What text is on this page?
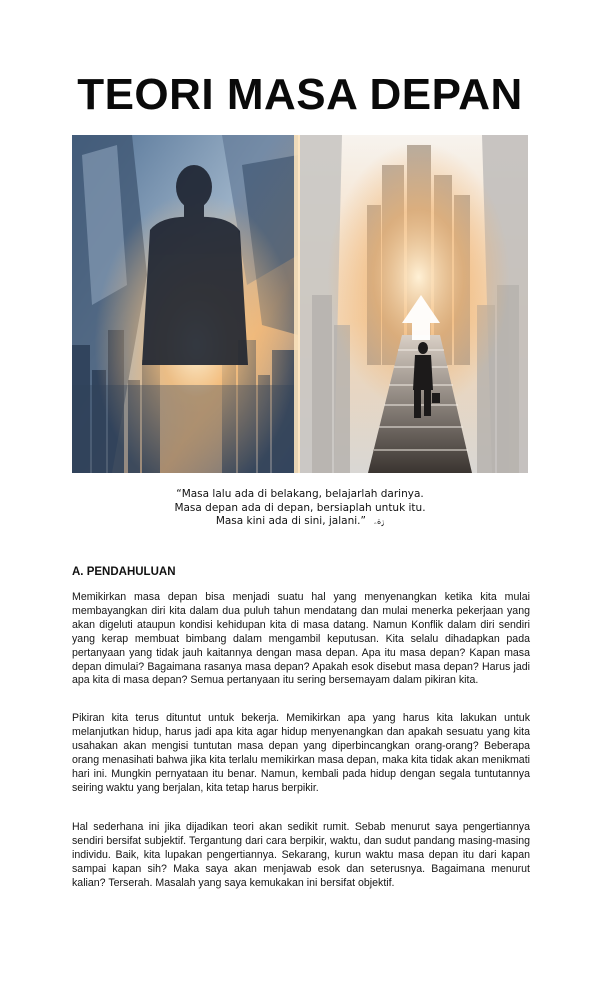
TEORI MASA DEPAN
“Masa lalu ada di belakang, belajarlah darinya.
Masa depan ada di depan, bersiaplah untuk itu.
Masa kini ada di sini, jalani.” ۯةۦ
A. PENDAHULUAN

Memikirkan masa depan bisa menjadi suatu hal yang menyenangkan ketika kita mulai membayangkan diri kita dalam dua puluh tahun mendatang dan mulai menerka pekerjaan yang akan digeluti ataupun kondisi kehidupan kita di masa datang. Namun Konflik dalam diri sendiri yang kerap membuat bimbang dalam mengambil keputusan. Kita selalu dihadapkan pada pertanyaan yang tidak jauh kaitannya dengan masa depan. Apa itu masa depan? Kapan masa depan dimulai? Bagaimana rasanya masa depan? Apakah esok disebut masa depan? Harus jadi apa kita di masa depan? Semua pertanyaan itu sering bersemayam dalam pikiran kita.

Pikiran kita terus dituntut untuk bekerja. Memikirkan apa yang harus kita lakukan untuk melanjutkan hidup, harus jadi apa kita agar hidup menyenangkan dan apakah sesuatu yang kita usahakan akan mengisi tuntutan masa depan yang diperbincangkan orang-orang? Beberapa orang menasihati bahwa jika kita terlalu memikirkan masa depan, maka kita tidak akan menikmati hari ini. Mungkin pernyataan itu benar. Namun, kembali pada hidup dengan segala tuntutannya seiring waktu yang berjalan, kita tetap harus berpikir.

Hal sederhana ini jika dijadikan teori akan sedikit rumit. Sebab menurut saya pengertiannya sendiri bersifat subjektif. Tergantung dari cara berpikir, waktu, dan sudut pandang masing-masing individu. Baik, kita lupakan pengertiannya. Sekarang, kurun waktu masa depan itu dari kapan sampai kapan sih? Maka saya akan menjawab esok dan seterusnya. Bagaimana menurut kalian? Terserah. Masalah yang saya kemukakan ini bersifat objektif.
